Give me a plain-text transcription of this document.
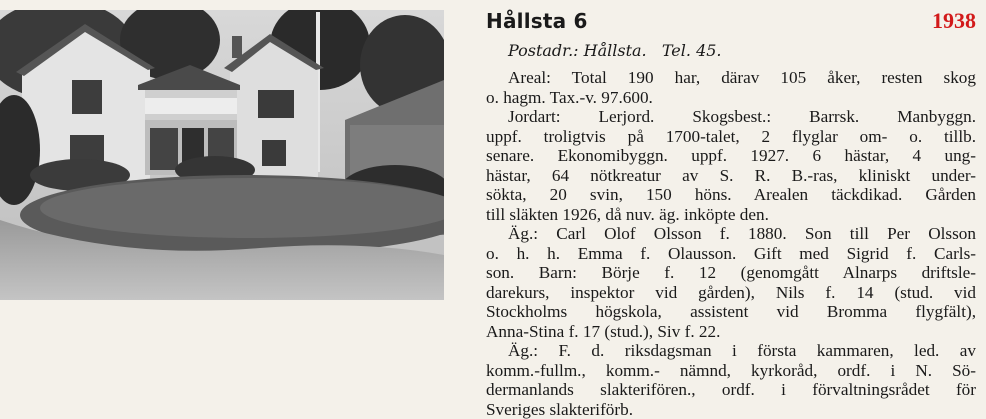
Hållsta 6	1938
Postadr.: Hållsta.   Tel. 45.
Areal: Total 190 har, därav 105 åker, resten skog
o. hagm. Tax.-v. 97.600.
Jordart: Lerjord. Skogsbest.: Barrsk. Manbyggn.
uppf. troligtvis på 1700-talet, 2 flyglar om- o. tillb.
senare. Ekonomibyggn. uppf. 1927. 6 hästar, 4 ung-
hästar, 64 nötkreatur av S. R. B.-ras, kliniskt under-
sökta, 20 svin, 150 höns. Arealen täckdikad. Gården
till släkten 1926, då nuv. äg. inköpte den.
Äg.: Carl Olof Olsson f. 1880. Son till Per Olsson
o. h. h. Emma f. Olausson. Gift med Sigrid f. Carls-
son. Barn: Börje f. 12 (genomgått Alnarps driftsle-
darekurs, inspektor vid gården), Nils f. 14 (stud. vid
Stockholms högskola, assistent vid Bromma flygfält),
Anna-Stina f. 17 (stud.), Siv f. 22.
Äg.: F. d. riksdagsman i första kammaren, led. av
komm.-fullm., komm.- nämnd, kyrkoråd, ordf. i N. Sö-
dermanlands slakterifören., ordf. i förvaltningsrådet för
Sveriges slakteriförb.
